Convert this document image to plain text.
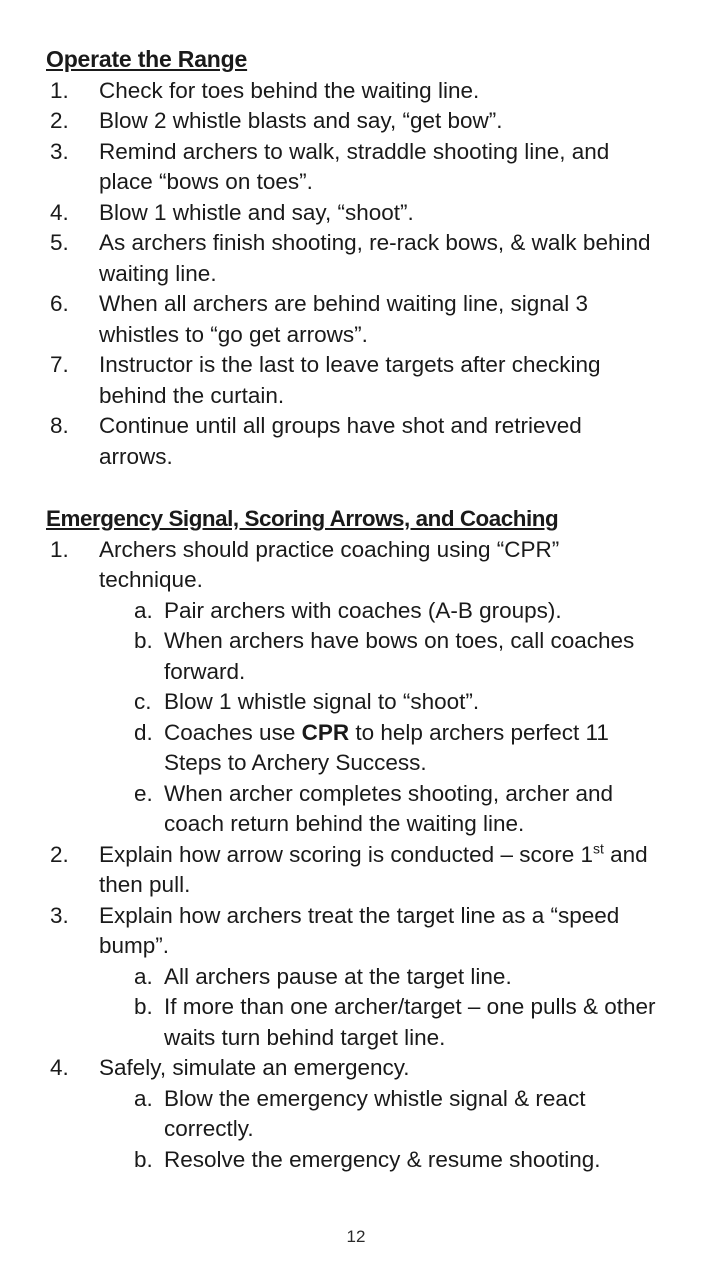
Operate the Range
1.	Check for toes behind the waiting line.
2.	Blow 2 whistle blasts and say, “get bow”.
3.	Remind archers to walk, straddle shooting line, and place “bows on toes”.
4.	Blow 1 whistle and say, “shoot”.
5.	As archers finish shooting, re-rack bows, & walk behind waiting line.
6.	When all archers are behind waiting line, signal 3 whistles to “go get arrows”.
7.	Instructor is the last to leave targets after checking behind the curtain.
8.	Continue until all groups have shot and retrieved arrows.
Emergency Signal, Scoring Arrows, and Coaching
1.	Archers should practice coaching using “CPR” technique.
a. Pair archers with coaches (A-B groups).
b. When archers have bows on toes, call coaches forward.
c. Blow 1 whistle signal to “shoot”.
d. Coaches use CPR to help archers perfect 11 Steps to Archery Success.
e. When archer completes shooting, archer and coach return behind the waiting line.
2.	Explain how arrow scoring is conducted – score 1st and then pull.
3.	Explain how archers treat the target line as a “speed bump”.
a. All archers pause at the target line.
b. If more than one archer/target – one pulls & other waits turn behind target line.
4.	Safely, simulate an emergency.
a. Blow the emergency whistle signal & react correctly.
b. Resolve the emergency & resume shooting.
12
